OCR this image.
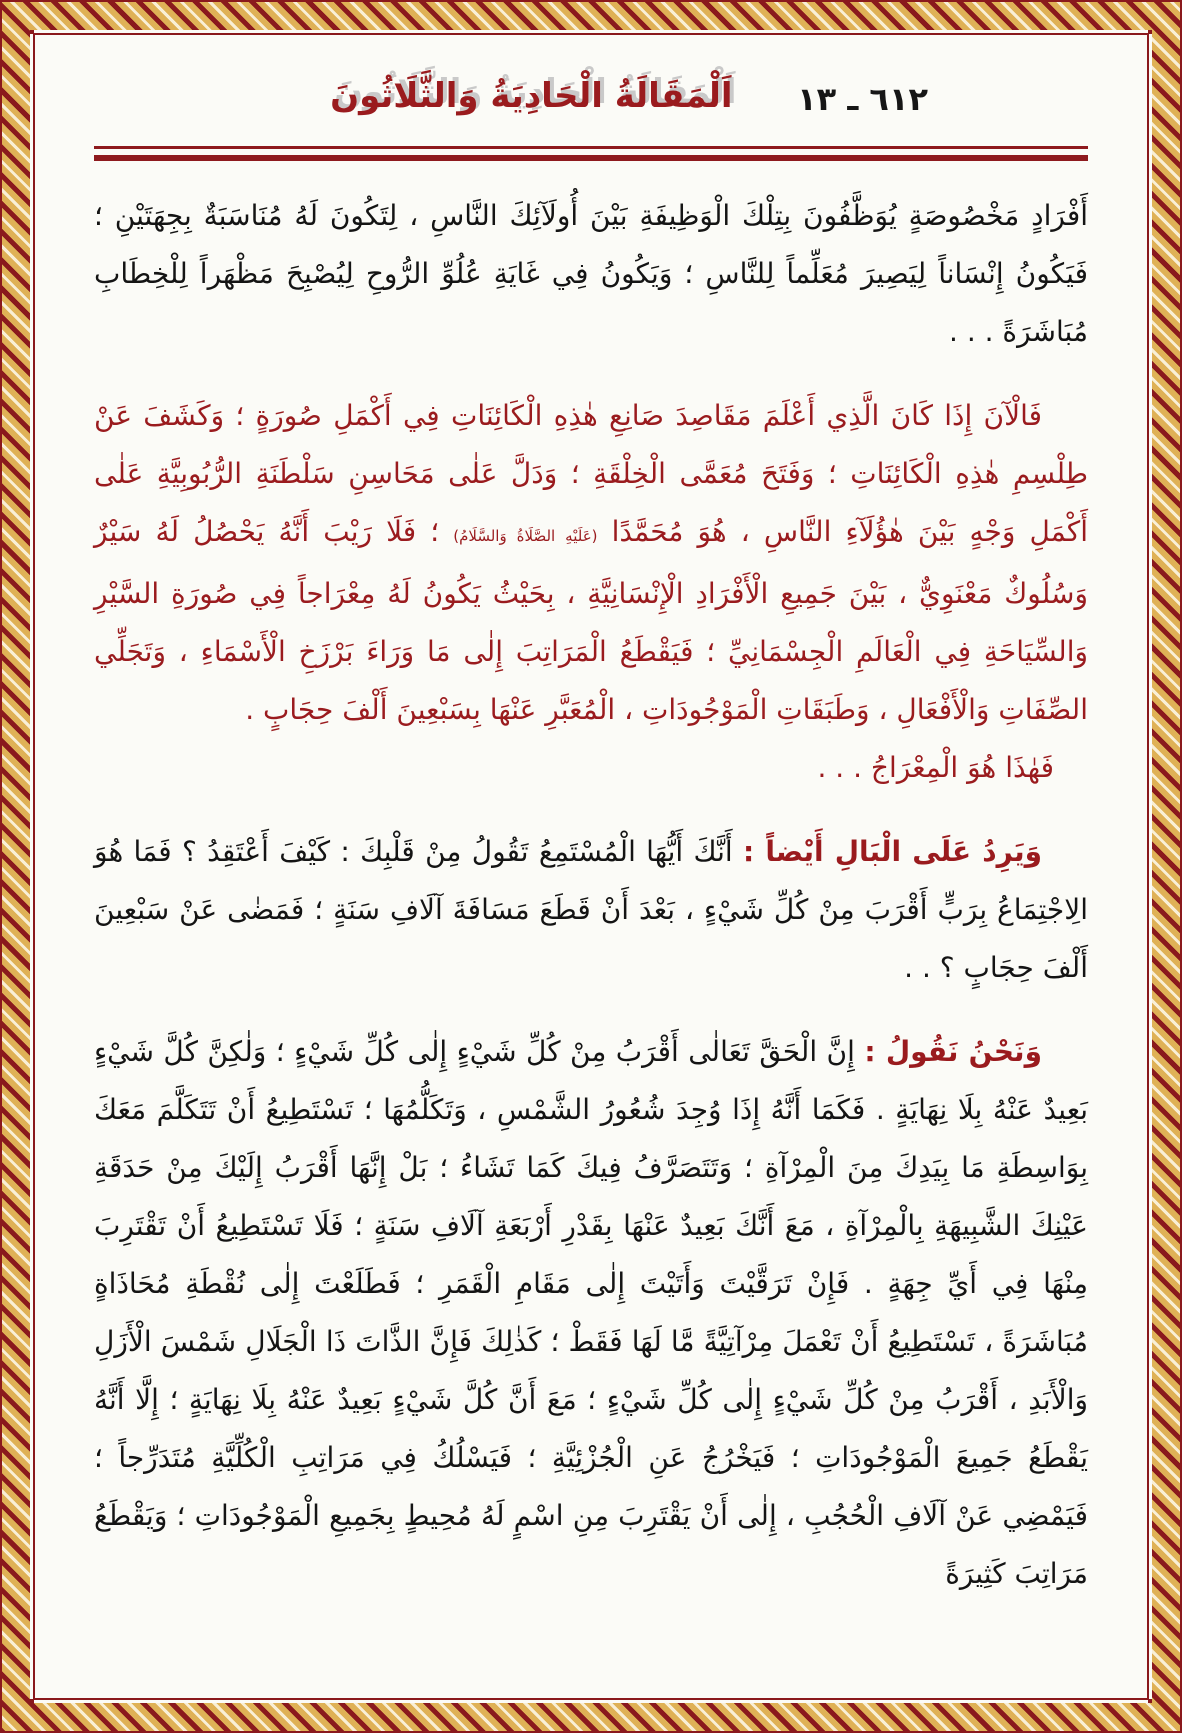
اَلْمَقَالَةُ الْحَادِيَةُ وَالثَّلَاثُونَ ٦١٢ ـ ١٣

أَفْرَادٍ مَخْصُوصَةٍ يُوَظَّفُونَ بِتِلْكَ الْوَظِيفَةِ بَيْنَ أُولَآئِكَ النَّاسِ ، لِتَكُونَ لَهُ مُنَاسَبَةٌ بِجِهَتَيْنِ ؛ فَيَكُونُ إِنْسَاناً لِيَصِيرَ مُعَلِّماً لِلنَّاسِ ؛ وَيَكُونُ فِي غَايَةِ عُلُوِّ الرُّوحِ لِيُصْبِحَ مَظْهَراً لِلْخِطَابِ مُبَاشَرَةً . . .

فَالْآنَ إِذَا كَانَ الَّذِي أَعْلَمَ مَقَاصِدَ صَانِعِ هٰذِهِ الْكَائِنَاتِ فِي أَكْمَلِ صُورَةٍ ؛ وَكَشَفَ عَنْ طِلْسِمِ هٰذِهِ الْكَائِنَاتِ ؛ وَفَتَحَ مُعَمَّى الْخِلْقَةِ ؛ وَدَلَّ عَلٰى مَحَاسِنِ سَلْطَنَةِ الرُّبُوبِيَّةِ عَلٰى أَكْمَلِ وَجْهٍ بَيْنَ هٰؤُلَآءِ النَّاسِ ، هُوَ مُحَمَّدًا (عَلَيْهِ الصَّلَاةُ وَالسَّلَامُ) ؛ فَلَا رَيْبَ أَنَّهُ يَحْصُلُ لَهُ سَيْرٌ وَسُلُوكٌ مَعْنَوِيٌّ ، بَيْنَ جَمِيعِ الْأَفْرَادِ الْإِنْسَانِيَّةِ ، بِحَيْثُ يَكُونُ لَهُ مِعْرَاجاً فِي صُورَةِ السَّيْرِ وَالسِّيَاحَةِ فِي الْعَالَمِ الْجِسْمَانِيِّ ؛ فَيَقْطَعُ الْمَرَاتِبَ إِلٰى مَا وَرَاءَ بَرْزَخِ الْأَسْمَاءِ ، وَتَجَلِّي الصِّفَاتِ وَالْأَفْعَالِ ، وَطَبَقَاتِ الْمَوْجُودَاتِ ، الْمُعَبَّرِ عَنْهَا بِسَبْعِينَ أَلْفَ حِجَابٍ .
فَهٰذَا هُوَ الْمِعْرَاجُ . . .

وَيَرِدُ عَلَى الْبَالِ أَيْضاً : أَنَّكَ أَيُّهَا الْمُسْتَمِعُ تَقُولُ مِنْ قَلْبِكَ : كَيْفَ أَعْتَقِدُ ؟ فَمَا هُوَ الِاجْتِمَاعُ بِرَبٍّ أَقْرَبَ مِنْ كُلِّ شَيْءٍ ، بَعْدَ أَنْ قَطَعَ مَسَافَةَ آلَافِ سَنَةٍ ؛ فَمَضٰى عَنْ سَبْعِينَ أَلْفَ حِجَابٍ ؟ . .

وَنَحْنُ نَقُولُ : إِنَّ الْحَقَّ تَعَالٰى أَقْرَبُ مِنْ كُلِّ شَيْءٍ إِلٰى كُلِّ شَيْءٍ ؛ وَلٰكِنَّ كُلَّ شَيْءٍ بَعِيدٌ عَنْهُ بِلَا نِهَايَةٍ . فَكَمَا أَنَّهُ إِذَا وُجِدَ شُعُورُ الشَّمْسِ ، وَتَكَلُّمُهَا ؛ تَسْتَطِيعُ أَنْ تَتَكَلَّمَ مَعَكَ بِوَاسِطَةِ مَا بِيَدِكَ مِنَ الْمِرْآةِ ؛ وَتَتَصَرَّفُ فِيكَ كَمَا تَشَاءُ ؛ بَلْ إِنَّهَا أَقْرَبُ إِلَيْكَ مِنْ حَدَقَةِ عَيْنِكَ الشَّبِيهَةِ بِالْمِرْآةِ ، مَعَ أَنَّكَ بَعِيدٌ عَنْهَا بِقَدْرِ أَرْبَعَةِ آلَافِ سَنَةٍ ؛ فَلَا تَسْتَطِيعُ أَنْ تَقْتَرِبَ مِنْهَا فِي أَيِّ جِهَةٍ . فَإِنْ تَرَقَّيْتَ وَأَتَيْتَ إِلٰى مَقَامِ الْقَمَرِ ؛ فَطَلَعْتَ إِلٰى نُقْطَةِ مُحَاذَاةٍ مُبَاشَرَةً ، تَسْتَطِيعُ أَنْ تَعْمَلَ مِرْآتِيَّةً مَّا لَهَا فَقَطْ ؛ كَذٰلِكَ فَإِنَّ الذَّاتَ ذَا الْجَلَالِ شَمْسَ الْأَزَلِ وَالْأَبَدِ ، أَقْرَبُ مِنْ كُلِّ شَيْءٍ إِلٰى كُلِّ شَيْءٍ ؛ مَعَ أَنَّ كُلَّ شَيْءٍ بَعِيدٌ عَنْهُ بِلَا نِهَايَةٍ ؛ إِلَّا أَنَّهُ يَقْطَعُ جَمِيعَ الْمَوْجُودَاتِ ؛ فَيَخْرُجُ عَنِ الْجُزْئِيَّةِ ؛ فَيَسْلُكُ فِي مَرَاتِبِ الْكُلِّيَّةِ مُتَدَرِّجاً ؛ فَيَمْضِي عَنْ آلَافِ الْحُجُبِ ، إِلٰى أَنْ يَقْتَرِبَ مِنِ اسْمٍ لَهُ مُحِيطٍ بِجَمِيعِ الْمَوْجُودَاتِ ؛ وَيَقْطَعُ مَرَاتِبَ كَثِيرَةً
